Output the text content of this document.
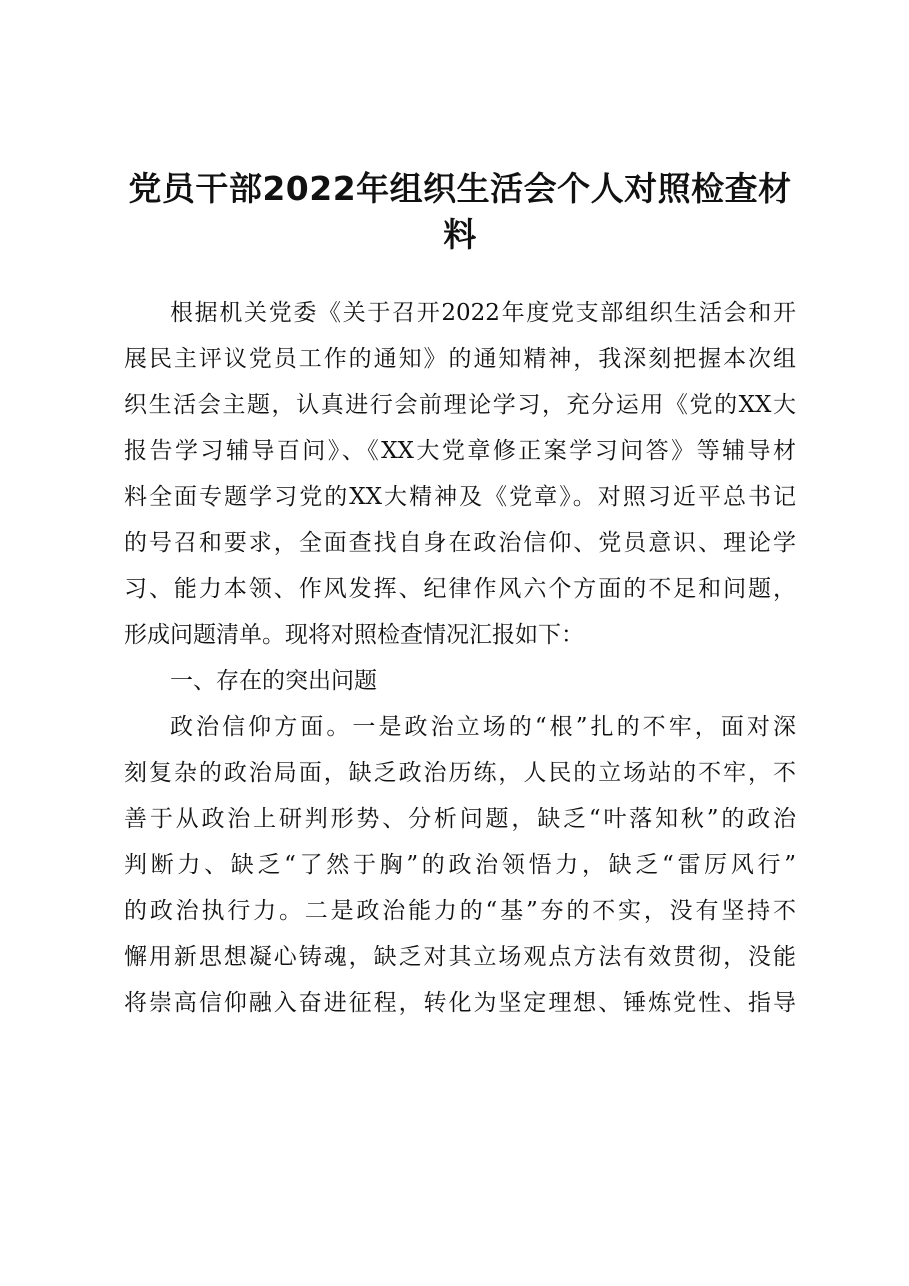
党员干部2022年组织生活会个人对照检查材
料
根据机关党委《关于召开2022年度党支部组织生活会和开
展民主评议党员工作的通知》的通知精神，我深刻把握本次组
织生活会主题，认真进行会前理论学习，充分运用《党的XX大
报告学习辅导百问》、《XX大党章修正案学习问答》等辅导材
料全面专题学习党的XX大精神及《党章》。对照习近平总书记
的号召和要求，全面查找自身在政治信仰、党员意识、理论学
习、能力本领、作风发挥、纪律作风六个方面的不足和问题，
形成问题清单。现将对照检查情况汇报如下：
一、存在的突出问题
政治信仰方面。一是政治立场的“根”扎的不牢，面对深
刻复杂的政治局面，缺乏政治历练，人民的立场站的不牢，不
善于从政治上研判形势、分析问题，缺乏“叶落知秋”的政治
判断力、缺乏“了然于胸”的政治领悟力，缺乏“雷厉风行”
的政治执行力。二是政治能力的“基”夯的不实，没有坚持不
懈用新思想凝心铸魂，缺乏对其立场观点方法有效贯彻，没能
将崇高信仰融入奋进征程，转化为坚定理想、锤炼党性、指导
